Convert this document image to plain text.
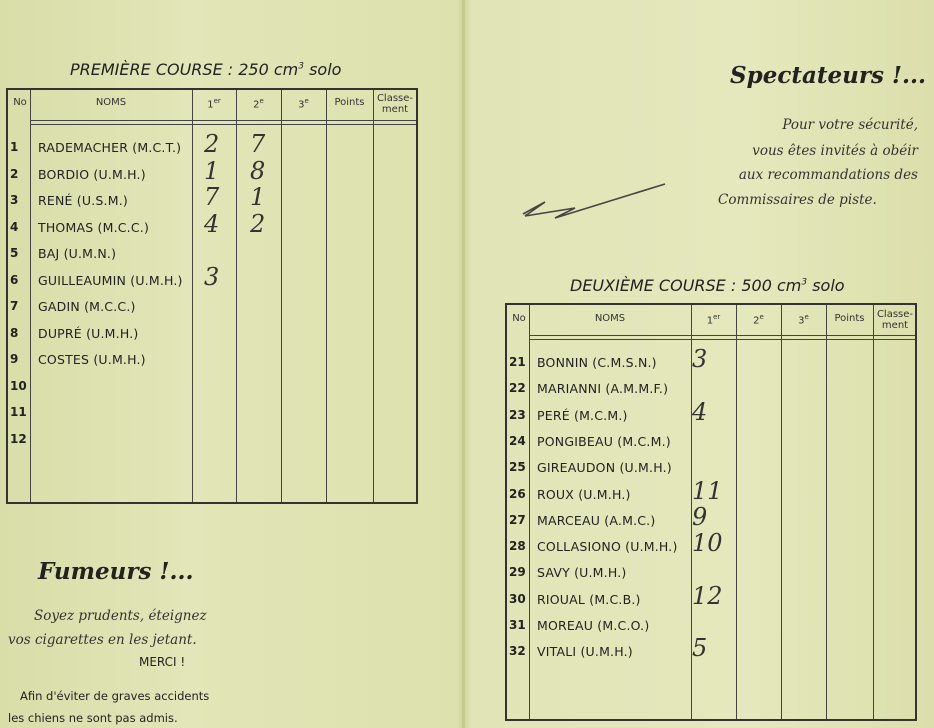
PREMIÈRE COURSE : 250 $cm^3$ solo
No	NOMS	1er	2e	3e	Points	Classe- ment
1 RADEMACHER (M.C.T.) 2 7
2 BORDIO (U.M.H.) 1 8
3 RENÉ (U.S.M.)	7 1
4 THOMAS (M.C.C.) 4 2
5 BAJ (U.M.N.)
6 GUILLEAUMIN (U.M.H.) 3
7 GADIN (M.C.C.)
8 DUPRÉ (U.M.H.)
9 COSTES (U.M.H.)
10
11
12
Spectateurs !...
Pour votre sécurité,
vous êtes invités à obéir
aux recommandations des
Commissaires de piste.
DEUXIÈME COURSE : 500 $cm^3$ solo
No	NOMS	1er	2e	3e	Points	Classe- ment
21 BONNIN (C.M.S.N.) 3
22 MARIANNI (A.M.M.F.)
23 PERÉ (M.C.M.)	4
24 PONGIBEAU (M.C.M.)
25 GIREAUDON (U.M.H.)
26 ROUX (U.M.H.)	11
27 MARCEAU (A.M.C.) 9
28 COLLASIONO (U.M.H.) 10
29 SAVY (U.M.H.)
30 RIOUAL (M.C.B.) 12
31 MOREAU (M.C.O.)
32 VITALI (U.M.H.) 5
Fumeurs !...
Soyez prudents, éteignez
vos cigarettes en les jetant.
MERCI !
Afin d'éviter de graves accidents
les chiens ne sont pas admis.
